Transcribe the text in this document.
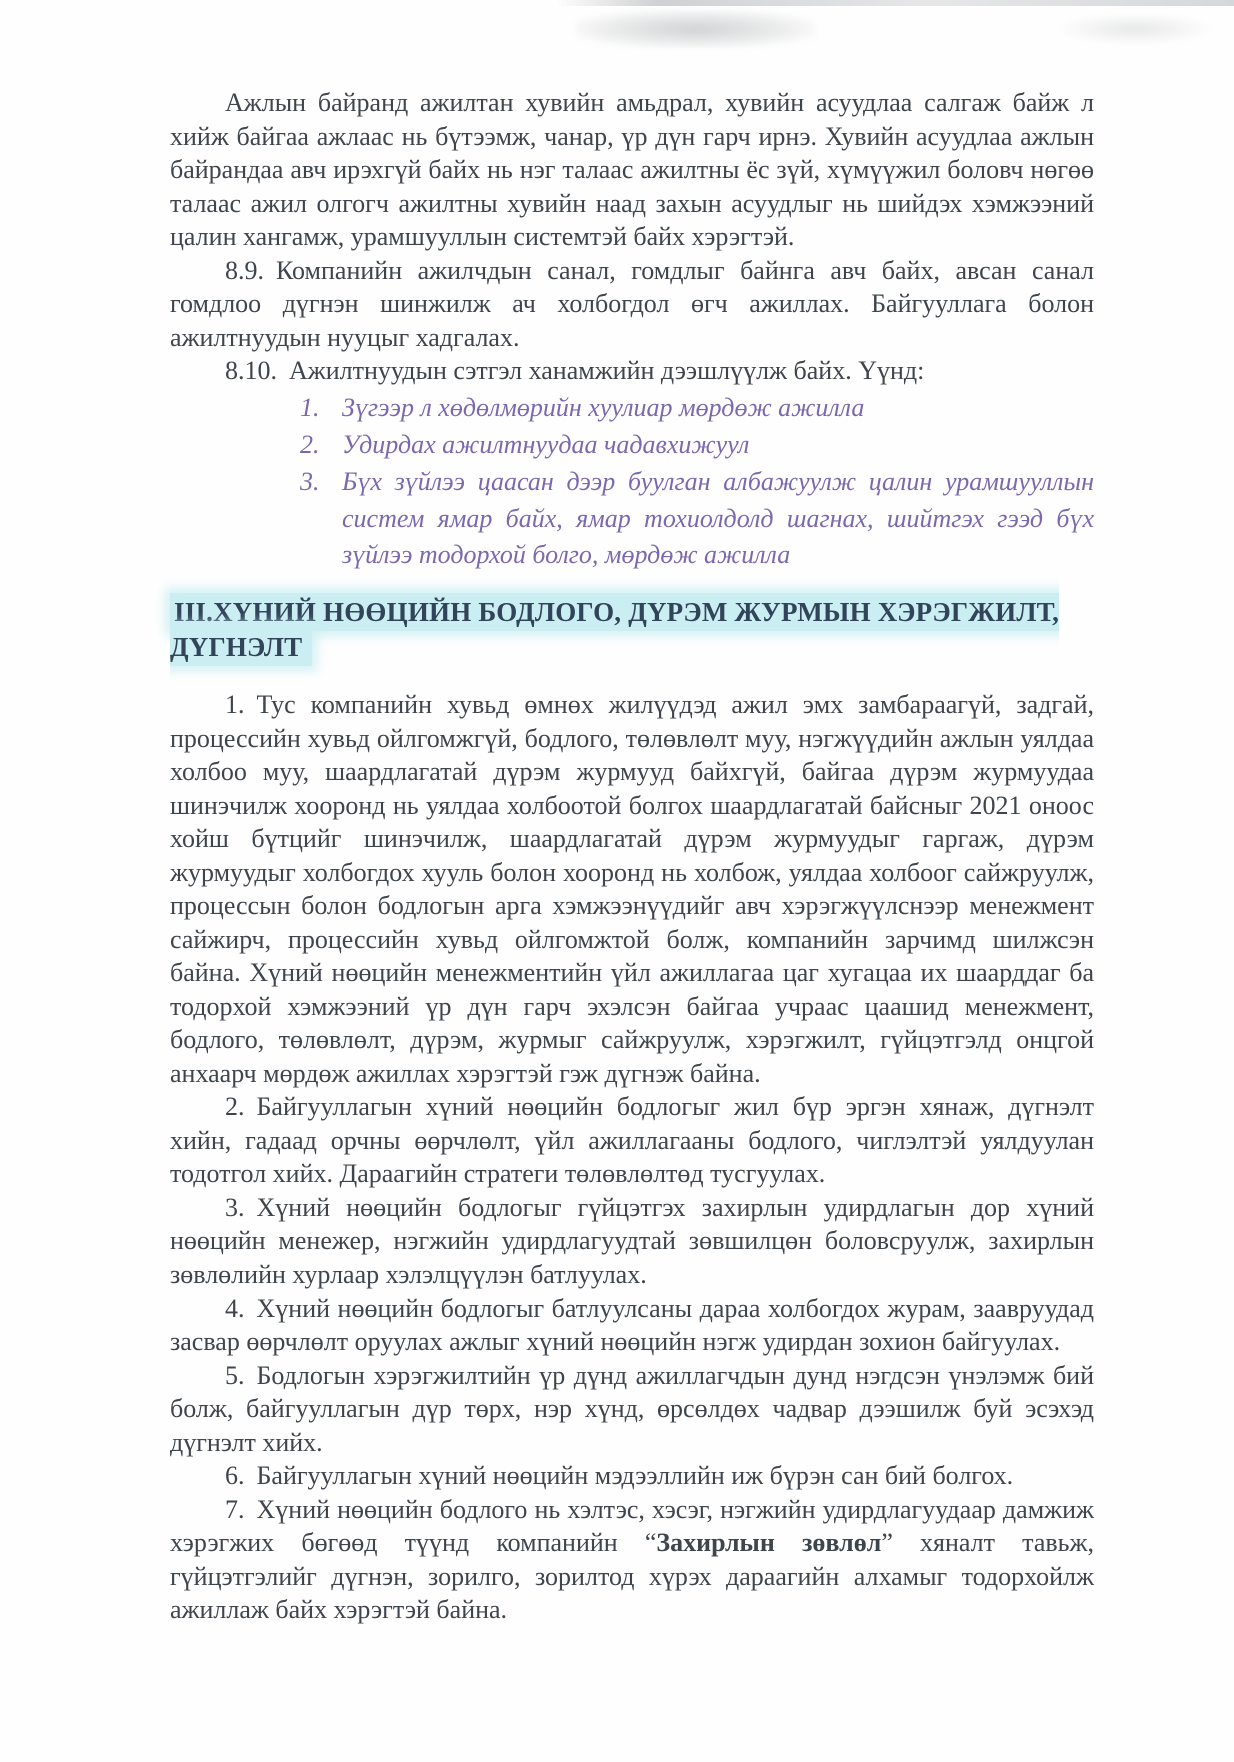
Ажлын байранд ажилтан хувийн амьдрал, хувийн асуудлаа салгаж байж л хийж байгаа ажлаас нь бүтээмж, чанар, үр дүн гарч ирнэ. Хувийн асуудлаа ажлын байрандаа авч ирэхгүй байх нь нэг талаас ажилтны ёс зүй, хүмүүжил боловч нөгөө талаас ажил олгогч ажилтны хувийн наад захын асуудлыг нь шийдэх хэмжээний цалин хангамж, урамшууллын системтэй байх хэрэгтэй.

8.9. Компанийн ажилчдын санал, гомдлыг байнга авч байх, авсан санал гомдлоо дүгнэн шинжилж ач холбогдол өгч ажиллах. Байгууллага болон ажилтнуудын нууцыг хадгалах.

8.10. Ажилтнуудын сэтгэл ханамжийн дээшлүүлж байх. Үүнд:

1. Зүгээр л хөдөлмөрийн хуулиар мөрдөж ажилла
2. Удирдах ажилтнуудаа чадавхижуул
3. Бүх зүйлээ цаасан дээр буулган албажуулж цалин урамшууллын систем ямар байх, ямар тохиолдолд шагнах, шийтгэх гээд бүх зүйлээ тодорхой болго, мөрдөж ажилла
III.ХҮНИЙ НӨӨЦИЙН БОДЛОГО, ДҮРЭМ ЖУРМЫН ХЭРЭГЖИЛТ, ДҮГНЭЛТ

1. Тус компанийн хувьд өмнөх жилүүдэд ажил эмх замбараагүй, задгай, процессийн хувьд ойлгомжгүй, бодлого, төлөвлөлт муу, нэгжүүдийн ажлын уялдаа холбоо муу, шаардлагатай дүрэм журмууд байхгүй, байгаа дүрэм журмуудаа шинэчилж хооронд нь уялдаа холбоотой болгох шаардлагатай байсныг 2021 оноос хойш бүтцийг шинэчилж, шаардлагатай дүрэм журмуудыг гаргаж, дүрэм журмуудыг холбогдох хууль болон хооронд нь холбож, уялдаа холбоог сайжруулж, процессын болон бодлогын арга хэмжээнүүдийг авч хэрэгжүүлснээр менежмент сайжирч, процессийн хувьд ойлгомжтой болж, компанийн зарчимд шилжсэн байна. Хүний нөөцийн менежментийн үйл ажиллагаа цаг хугацаа их шаарддаг ба тодорхой хэмжээний үр дүн гарч эхэлсэн байгаа учраас цаашид менежмент, бодлого, төлөвлөлт, дүрэм, журмыг сайжруулж, хэрэгжилт, гүйцэтгэлд онцгой анхаарч мөрдөж ажиллах хэрэгтэй гэж дүгнэж байна.

2. Байгууллагын хүний нөөцийн бодлогыг жил бүр эргэн хянаж, дүгнэлт хийн, гадаад орчны өөрчлөлт, үйл ажиллагааны бодлого, чиглэлтэй уялдуулан тодотгол хийх. Дараагийн стратеги төлөвлөлтөд тусгуулах.

3. Хүний нөөцийн бодлогыг гүйцэтгэх захирлын удирдлагын дор хүний нөөцийн менежер, нэгжийн удирдлагуудтай зөвшилцөн боловсруулж, захирлын зөвлөлийн хурлаар хэлэлцүүлэн батлуулах.

4. Хүний нөөцийн бодлогыг батлуулсаны дараа холбогдох журам, заавруудад засвар өөрчлөлт оруулах ажлыг хүний нөөцийн нэгж удирдан зохион байгуулах.

5. Бодлогын хэрэгжилтийн үр дүнд ажиллагчдын дунд нэгдсэн үнэлэмж бий болж, байгууллагын дүр төрх, нэр хүнд, өрсөлдөх чадвар дээшилж буй эсэхэд дүгнэлт хийх.

6. Байгууллагын хүний нөөцийн мэдээллийн иж бүрэн сан бий болгох.

7. Хүний нөөцийн бодлого нь хэлтэс, хэсэг, нэгжийн удирдлагуудаар дамжиж хэрэгжих бөгөөд түүнд компанийн “Захирлын зөвлөл” хяналт тавьж, гүйцэтгэлийг дүгнэн, зорилго, зорилтод хүрэх дараагийн алхамыг тодорхойлж ажиллаж байх хэрэгтэй байна.
